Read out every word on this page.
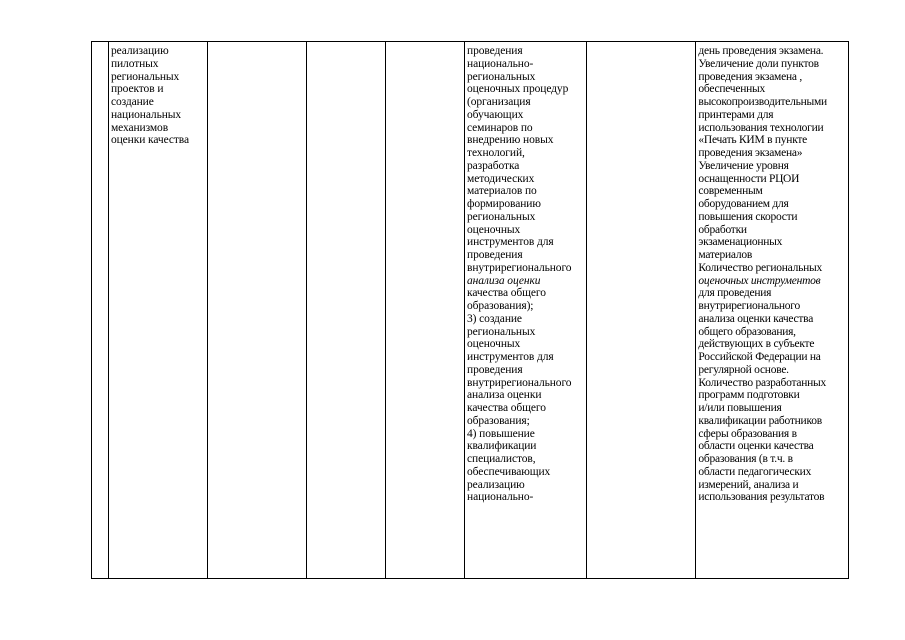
реализацию
пилотных
региональных
проектов и
создание
национальных
механизмов
оценки качества
проведения
национально-
региональных
оценочных процедур
(организация
обучающих
семинаров по
внедрению новых
технологий,
разработка
методических
материалов по
формированию
региональных
оценочных
инструментов для
проведения
внутрирегионального
анализа оценки
качества общего
образования);
3) создание
региональных
оценочных
инструментов для
проведения
внутрирегионального
анализа оценки
качества общего
образования;
4) повышение
квалификации
специалистов,
обеспечивающих
реализацию
национально-
день проведения экзамена.
Увеличение доли пунктов
проведения экзамена ,
обеспеченных
высокопроизводительными
принтерами для
использования технологии
«Печать КИМ в пункте
проведения экзамена»
Увеличение уровня
оснащенности РЦОИ
современным
оборудованием для
повышения скорости
обработки
экзаменационных
материалов
Количество региональных
оценочных инструментов
для проведения
внутрирегионального
анализа оценки качества
общего образования,
действующих в субъекте
Российской Федерации на
регулярной основе.
Количество разработанных
программ подготовки
и/или повышения
квалификации работников
сферы образования в
области оценки качества
образования (в т.ч. в
области педагогических
измерений, анализа и
использования результатов
